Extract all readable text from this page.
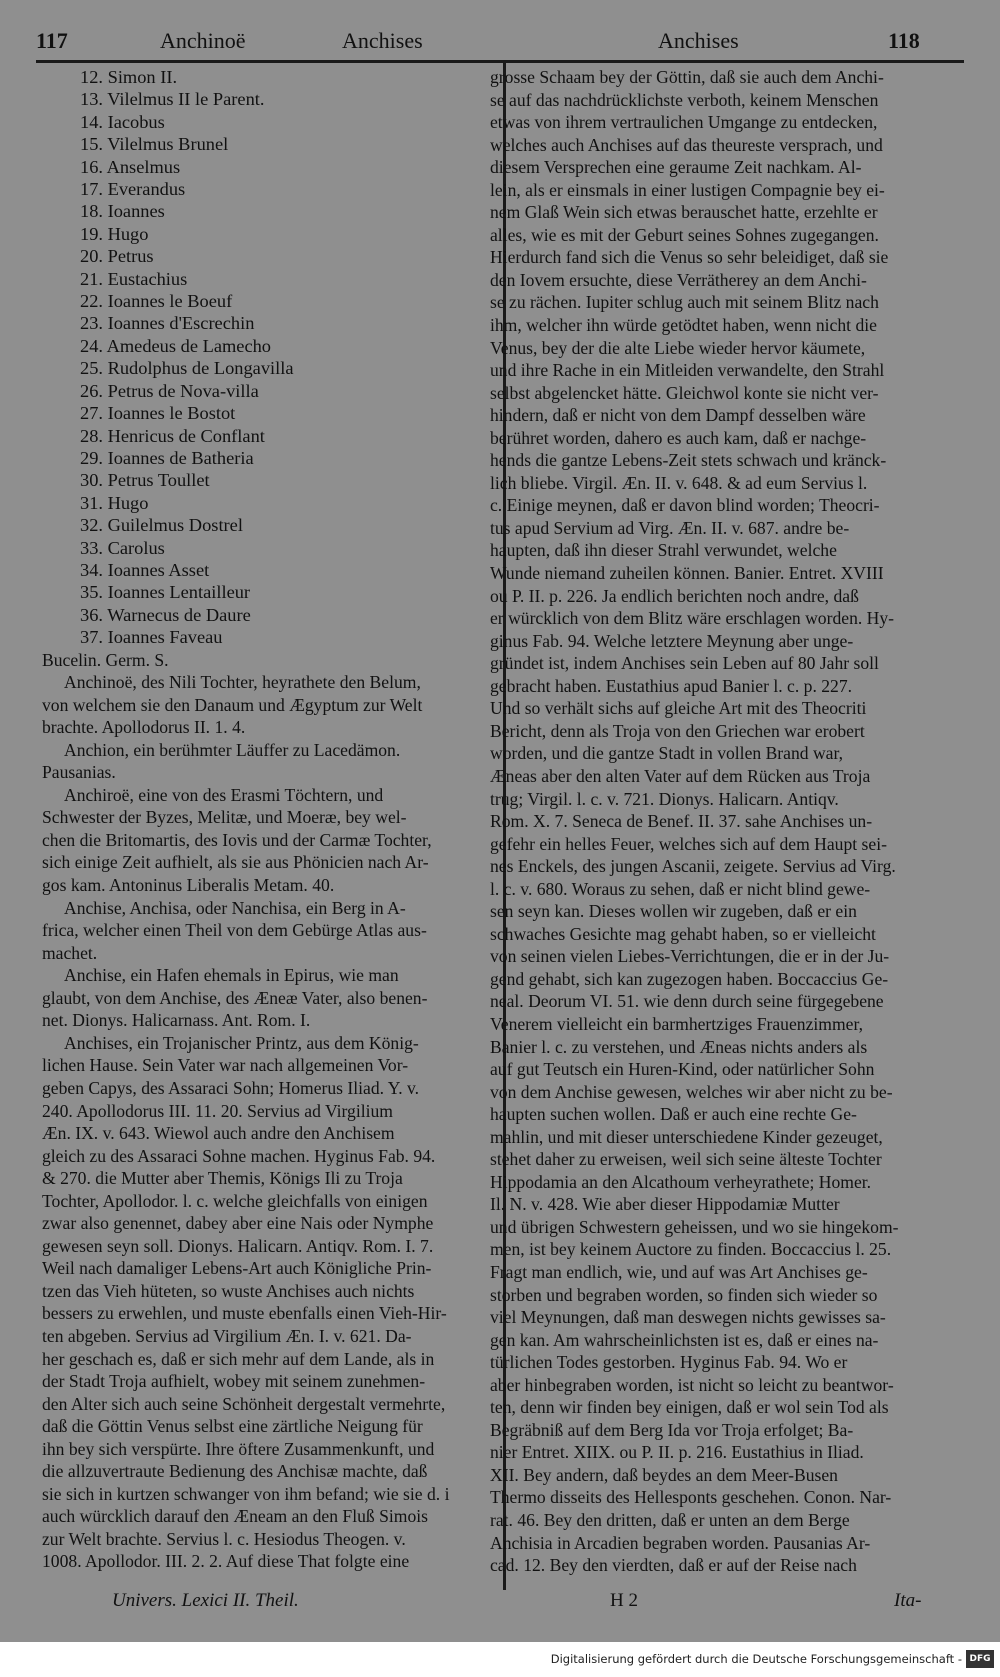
117	Anchinoë	Anchises	Anchises	118

12. Simon II.

13. Vilelmus II le Parent.

14. Iacobus

15. Vilelmus Brunel

16. Anselmus

17. Everandus

18. Ioannes

19. Hugo

20. Petrus

21. Eustachius

22. Ioannes le Boeuf

23. Ioannes d'Escrechin

24. Amedeus de Lamecho

25. Rudolphus de Longavilla

26. Petrus de Nova-villa

27. Ioannes le Bostot

28. Henricus de Conflant

29. Ioannes de Batheria

30. Petrus Toullet

31. Hugo

32. Guilelmus Dostrel

33. Carolus

34. Ioannes Asset

35. Ioannes Lentailleur

36. Warnecus de Daure

37. Ioannes Faveau

Bucelin. Germ. S.

Anchinoë, des Nili Tochter, heyrathete den Belum,

von welchem sie den Danaum und Ægyptum zur Welt

brachte. Apollodorus II. 1. 4.

Anchion, ein berühmter Läuffer zu Lacedämon.

Pausanias.

Anchiroë, eine von des Erasmi Töchtern, und

Schwester der Byzes, Melitæ, und Moeræ, bey wel-

chen die Britomartis, des Iovis und der Carmæ Tochter,

sich einige Zeit aufhielt, als sie aus Phönicien nach Ar-

gos kam. Antoninus Liberalis Metam. 40.

Anchise, Anchisa, oder Nanchisa, ein Berg in A-

frica, welcher einen Theil von dem Gebürge Atlas aus-

machet.

Anchise, ein Hafen ehemals in Epirus, wie man

glaubt, von dem Anchise, des Æneæ Vater, also benen-

net. Dionys. Halicarnass. Ant. Rom. I.

Anchises, ein Trojanischer Printz, aus dem König-

lichen Hause. Sein Vater war nach allgemeinen Vor-

geben Capys, des Assaraci Sohn; Homerus Iliad. Y. v.

240. Apollodorus III. 11. 20. Servius ad Virgilium

Æn. IX. v. 643. Wiewol auch andre den Anchisem

gleich zu des Assaraci Sohne machen. Hyginus Fab. 94.

& 270. die Mutter aber Themis, Königs Ili zu Troja

Tochter, Apollodor. l. c. welche gleichfalls von einigen

zwar also genennet, dabey aber eine Nais oder Nymphe

gewesen seyn soll. Dionys. Halicarn. Antiqv. Rom. I. 7.

Weil nach damaliger Lebens-Art auch Königliche Prin-

tzen das Vieh hüteten, so wuste Anchises auch nichts

bessers zu erwehlen, und muste ebenfalls einen Vieh-Hir-

ten abgeben. Servius ad Virgilium Æn. I. v. 621. Da-

her geschach es, daß er sich mehr auf dem Lande, als in

der Stadt Troja aufhielt, wobey mit seinem zunehmen-

den Alter sich auch seine Schönheit dergestalt vermehrte,

daß die Göttin Venus selbst eine zärtliche Neigung für

ihn bey sich verspürte. Ihre öftere Zusammenkunft, und

die allzuvertraute Bedienung des Anchisæ machte, daß

sie sich in kurtzen schwanger von ihm befand; wie sie d. i

auch würcklich darauf den Æneam an den Fluß Simois

zur Welt brachte. Servius l. c. Hesiodus Theogen. v.

1008. Apollodor. III. 2. 2. Auf diese That folgte eine

grosse Schaam bey der Göttin, daß sie auch dem Anchi-

se auf das nachdrücklichste verboth, keinem Menschen

etwas von ihrem vertraulichen Umgange zu entdecken,

welches auch Anchises auf das theureste versprach, und

diesem Versprechen eine geraume Zeit nachkam. Al-

lein, als er einsmals in einer lustigen Compagnie bey ei-

nem Glaß Wein sich etwas berauschet hatte, erzehlte er

alles, wie es mit der Geburt seines Sohnes zugegangen.

Hierdurch fand sich die Venus so sehr beleidiget, daß sie

den Iovem ersuchte, diese Verrätherey an dem Anchi-

se zu rächen. Iupiter schlug auch mit seinem Blitz nach

ihm, welcher ihn würde getödtet haben, wenn nicht die

Venus, bey der die alte Liebe wieder hervor käumete,

und ihre Rache in ein Mitleiden verwandelte, den Strahl

selbst abgelencket hätte. Gleichwol konte sie nicht ver-

hindern, daß er nicht von dem Dampf desselben wäre

berühret worden, dahero es auch kam, daß er nachge-

hends die gantze Lebens-Zeit stets schwach und kränck-

lich bliebe. Virgil. Æn. II. v. 648. & ad eum Servius l.

c. Einige meynen, daß er davon blind worden; Theocri-

tus apud Servium ad Virg. Æn. II. v. 687. andre be-

haupten, daß ihn dieser Strahl verwundet, welche

Wunde niemand zuheilen können. Banier. Entret. XVIII

ou P. II. p. 226. Ja endlich berichten noch andre, daß

er würcklich von dem Blitz wäre erschlagen worden. Hy-

ginus Fab. 94. Welche letztere Meynung aber unge-

gründet ist, indem Anchises sein Leben auf 80 Jahr soll

gebracht haben. Eustathius apud Banier l. c. p. 227.

Und so verhält sichs auf gleiche Art mit des Theocriti

Bericht, denn als Troja von den Griechen war erobert

worden, und die gantze Stadt in vollen Brand war,

Æneas aber den alten Vater auf dem Rücken aus Troja

trug; Virgil. l. c. v. 721. Dionys. Halicarn. Antiqv.

Rom. X. 7. Seneca de Benef. II. 37. sahe Anchises un-

gefehr ein helles Feuer, welches sich auf dem Haupt sei-

nes Enckels, des jungen Ascanii, zeigete. Servius ad Virg.

l. c. v. 680. Woraus zu sehen, daß er nicht blind gewe-

sen seyn kan. Dieses wollen wir zugeben, daß er ein

schwaches Gesichte mag gehabt haben, so er vielleicht

von seinen vielen Liebes-Verrichtungen, die er in der Ju-

gend gehabt, sich kan zugezogen haben. Boccaccius Ge-

neal. Deorum VI. 51. wie denn durch seine fürgegebene

Venerem vielleicht ein barmhertziges Frauenzimmer,

Banier l. c. zu verstehen, und Æneas nichts anders als

auf gut Teutsch ein Huren-Kind, oder natürlicher Sohn

von dem Anchise gewesen, welches wir aber nicht zu be-

haupten suchen wollen. Daß er auch eine rechte Ge-

mahlin, und mit dieser unterschiedene Kinder gezeuget,

stehet daher zu erweisen, weil sich seine älteste Tochter

Hippodamia an den Alcathoum verheyrathete; Homer.

Il. N. v. 428. Wie aber dieser Hippodamiæ Mutter

und übrigen Schwestern geheissen, und wo sie hingekom-

men, ist bey keinem Auctore zu finden. Boccaccius l. 25.

Fragt man endlich, wie, und auf was Art Anchises ge-

storben und begraben worden, so finden sich wieder so

viel Meynungen, daß man deswegen nichts gewisses sa-

gen kan. Am wahrscheinlichsten ist es, daß er eines na-

türlichen Todes gestorben. Hyginus Fab. 94. Wo er

aber hinbegraben worden, ist nicht so leicht zu beantwor-

ten, denn wir finden bey einigen, daß er wol sein Tod als

Begräbniß auf dem Berg Ida vor Troja erfolget; Ba-

nier Entret. XIIX. ou P. II. p. 216. Eustathius in Iliad.

XII. Bey andern, daß beydes an dem Meer-Busen

Thermo disseits des Hellesponts geschehen. Conon. Nar-

rat. 46. Bey den dritten, daß er unten an dem Berge

Anchisia in Arcadien begraben worden. Pausanias Ar-

cad. 12. Bey den vierdten, daß er auf der Reise nach

Univers. Lexici II. Theil.	H 2	Ita-
Digitalisierung gefördert durch die Deutsche Forschungsgemeinschaft - DFG
